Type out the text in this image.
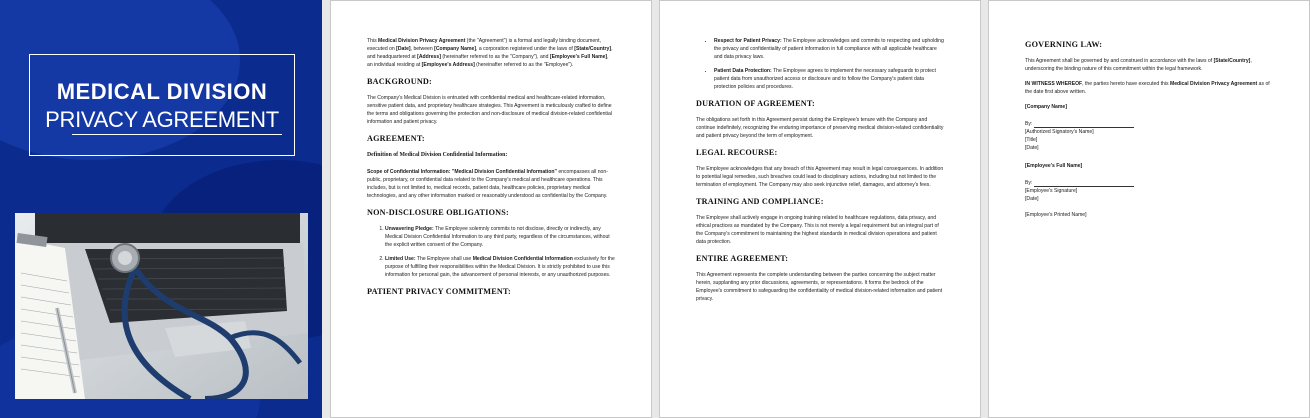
MEDICAL DIVISION
PRIVACY AGREEMENT

This Medical Division Privacy Agreement (the "Agreement") is a formal and legally binding document, executed on [Date], between [Company Name], a corporation registered under the laws of [State/Country], and headquartered at [Address] (hereinafter referred to as the "Company"), and [Employee's Full Name], an individual residing at [Employee's Address] (hereinafter referred to as the "Employee").

BACKGROUND:

The Company's Medical Division is entrusted with confidential medical and healthcare-related information, sensitive patient data, and proprietary healthcare strategies. This Agreement is meticulously crafted to define the terms and obligations governing the protection and non-disclosure of medical division-related confidential information and patient privacy.

AGREEMENT:
Definition of Medical Division Confidential Information:

Scope of Confidential Information: "Medical Division Confidential Information" encompasses all non-public, proprietary, or confidential data related to the Company's medical and healthcare operations. This includes, but is not limited to, medical records, patient data, healthcare policies, proprietary medical technologies, and any other information marked or reasonably understood as confidential by the Company.

NON-DISCLOSURE OBLIGATIONS:
1. Unwavering Pledge: The Employee solemnly commits to not disclose, directly or indirectly, any Medical Division Confidential Information to any third party, regardless of the circumstances, without the explicit written consent of the Company.
2. Limited Use: The Employee shall use Medical Division Confidential Information exclusively for the purpose of fulfilling their responsibilities within the Medical Division. It is strictly prohibited to use this information for personal gain, the advancement of personal interests, or any unauthorized purposes.
PATIENT PRIVACY COMMITMENT:
• Respect for Patient Privacy: The Employee acknowledges and commits to respecting and upholding the privacy and confidentiality of patient information in full compliance with all applicable healthcare and data privacy laws.
• Patient Data Protection: The Employee agrees to implement the necessary safeguards to protect patient data from unauthorized access or disclosure and to follow the Company's patient data protection policies and procedures.
DURATION OF AGREEMENT:

The obligations set forth in this Agreement persist during the Employee's tenure with the Company and continue indefinitely, recognizing the enduring importance of preserving medical division-related confidentiality and patient privacy beyond the term of employment.

LEGAL RECOURSE:

The Employee acknowledges that any breach of this Agreement may result in legal consequences. In addition to potential legal remedies, such breaches could lead to disciplinary actions, including but not limited to the termination of employment. The Company may also seek injunctive relief, damages, and attorney's fees.

TRAINING AND COMPLIANCE:

The Employee shall actively engage in ongoing training related to healthcare regulations, data privacy, and ethical practices as mandated by the Company. This is not merely a legal requirement but an integral part of the Company's commitment to maintaining the highest standards in medical division operations and patient data protection.

ENTIRE AGREEMENT:

This Agreement represents the complete understanding between the parties concerning the subject matter herein, supplanting any prior discussions, agreements, or representations. It forms the bedrock of the Employee's commitment to safeguarding the confidentiality of medical division-related information and patient privacy.

GOVERNING LAW:

This Agreement shall be governed by and construed in accordance with the laws of [State/Country], underscoring the binding nature of this commitment within the legal framework.

IN WITNESS WHEREOF, the parties hereto have executed this Medical Division Privacy Agreement as of the date first above written.

[Company Name]
By:
[Authorized Signatory's Name]
[Title]
[Date]
[Employee's Full Name]
By:
[Employee's Signature]
[Date]
[Employee's Printed Name]
